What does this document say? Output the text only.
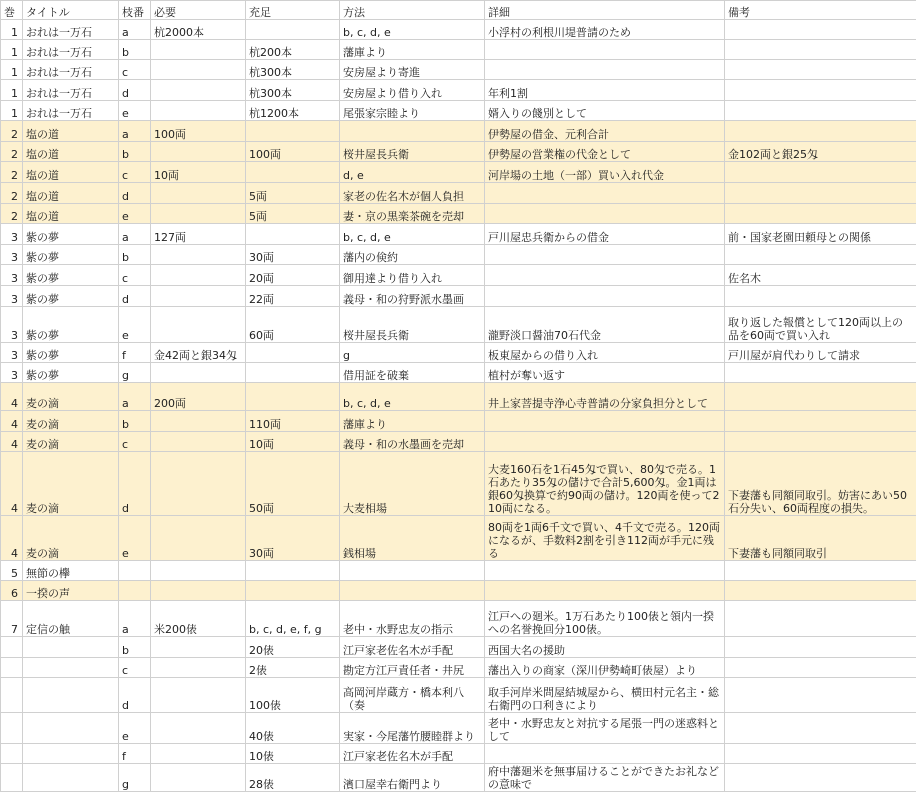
巻	タイトル	枝番	必要	充足	方法	詳細	備考
1	おれは一万石	a	杭2000本		b, c, d, e	小浮村の利根川堤普請のため	
1	おれは一万石	b		杭200本	藩庫より		
1	おれは一万石	c		杭300本	安房屋より寄進		
1	おれは一万石	d		杭300本	安房屋より借り入れ	年利1割	
1	おれは一万石	e		杭1200本	尾張家宗睦より	婿入りの餞別として	
2	塩の道	a	100両			伊勢屋の借金、元利合計	
2	塩の道	b		100両	桜井屋長兵衛	伊勢屋の営業権の代金として	金102両と銀25匁
2	塩の道	c	10両		d, e	河岸場の土地（一部）買い入れ代金	
2	塩の道	d		5両	家老の佐名木が個人負担		
2	塩の道	e		5両	妻・京の黒楽茶碗を売却		
3	紫の夢	a	127両		b, c, d, e	戸川屋忠兵衛からの借金	前・国家老園田頼母との関係
3	紫の夢	b		30両	藩内の倹約		
3	紫の夢	c		20両	御用達より借り入れ		佐名木
3	紫の夢	d		22両	義母・和の狩野派水墨画		
3	紫の夢	e		60両	桜井屋長兵衛	瀧野淡口醤油70石代金	取り返した報償として120両以上の品を60両で買い入れ
3	紫の夢	f	金42両と銀34匁		g	板東屋からの借り入れ	戸川屋が肩代わりして請求
3	紫の夢	g			借用証を破棄	植村が奪い返す	
4	麦の滴	a	200両		b, c, d, e	井上家菩提寺浄心寺普請の分家負担分として	
4	麦の滴	b		110両	藩庫より		
4	麦の滴	c		10両	義母・和の水墨画を売却		
4	麦の滴	d		50両	大麦相場	大麦160石を1石45匁で買い、80匁で売る。1石あたり35匁の儲けで合計5,600匁。金1両は銀60匁換算で約90両の儲け。120両を使って210両になる。	下妻藩も同額同取引。妨害にあい50石分失い、60両程度の損失。
4	麦の滴	e		30両	銭相場	80両を1両6千文で買い、4千文で売る。120両になるが、手数料2割を引き112両が手元に残る	下妻藩も同額同取引
5	無節の欅						
6	一揆の声						
7	定信の触	a	米200俵	b, c, d, e, f, g	老中・水野忠友の指示	江戸への廻米。1万石あたり100俵と領内一揆への名誉挽回分100俵。	
		b		20俵	江戸家老佐名木が手配	西国大名の援助	
		c		2俵	勘定方江戸責任者・井尻	藩出入りの商家（深川伊勢崎町俵屋）より	
		d		100俵	高岡河岸蔵方・橋本利八（奏	取手河岸米問屋結城屋から、横田村元名主・総右衛門の口利きにより	
		e		40俵	実家・今尾藩竹腰睦群より	老中・水野忠友と対抗する尾張一門の迷惑料として	
		f		10俵	江戸家老佐名木が手配		
		g		28俵	濱口屋幸右衛門より	府中藩廻米を無事届けることができたお礼などの意味で	
